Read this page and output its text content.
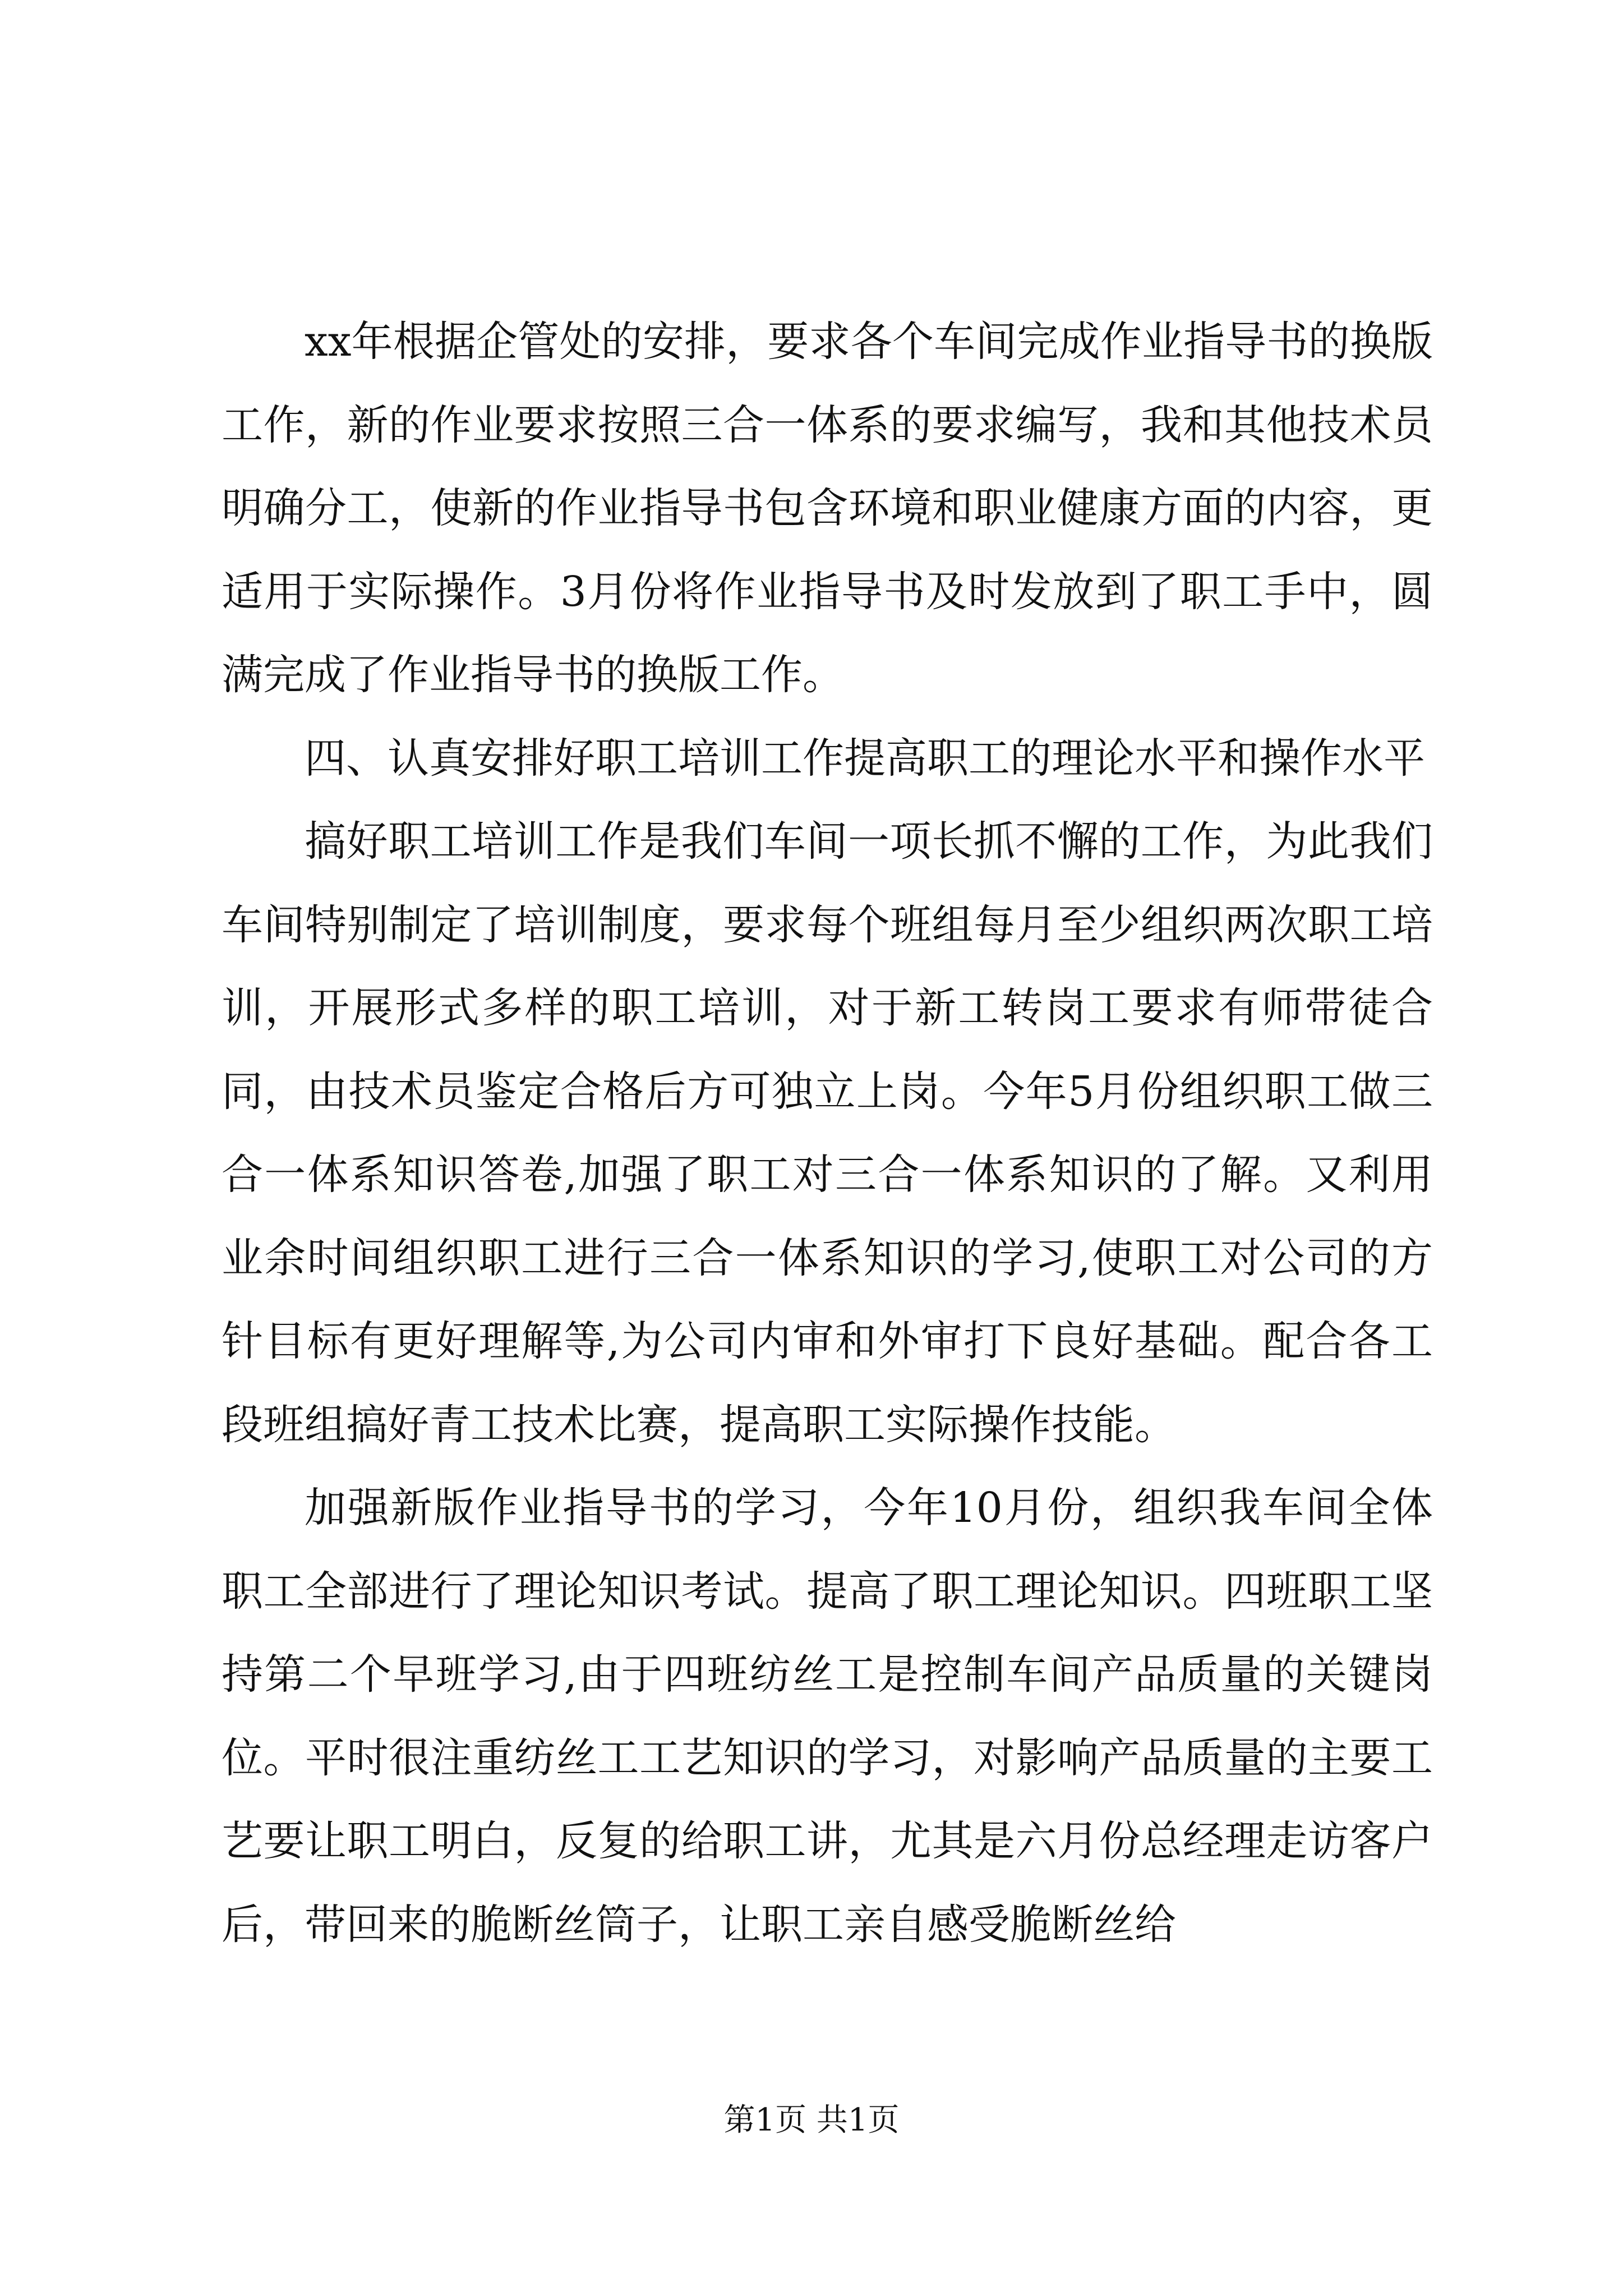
xx年根据企管处的安排，要求各个车间完成作业指导书的换版工作，新的作业要求按照三合一体系的要求编写，我和其他技术员明确分工，使新的作业指导书包含环境和职业健康方面的内容，更适用于实际操作。3月份将作业指导书及时发放到了职工手中，圆满完成了作业指导书的换版工作。

四、认真安排好职工培训工作提高职工的理论水平和操作水平

搞好职工培训工作是我们车间一项长抓不懈的工作，为此我们车间特别制定了培训制度，要求每个班组每月至少组织两次职工培训，开展形式多样的职工培训，对于新工转岗工要求有师带徒合同，由技术员鉴定合格后方可独立上岗。今年5月份组织职工做三合一体系知识答卷,加强了职工对三合一体系知识的了解。又利用业余时间组织职工进行三合一体系知识的学习,使职工对公司的方针目标有更好理解等,为公司内审和外审打下良好基础。配合各工段班组搞好青工技术比赛，提高职工实际操作技能。

加强新版作业指导书的学习，今年10月份，组织我车间全体职工全部进行了理论知识考试。提高了职工理论知识。四班职工坚持第二个早班学习,由于四班纺丝工是控制车间产品质量的关键岗位。平时很注重纺丝工工艺知识的学习，对影响产品质量的主要工艺要让职工明白，反复的给职工讲，尤其是六月份总经理走访客户后，带回来的脆断丝筒子，让职工亲自感受脆断丝给

第1页 共1页
